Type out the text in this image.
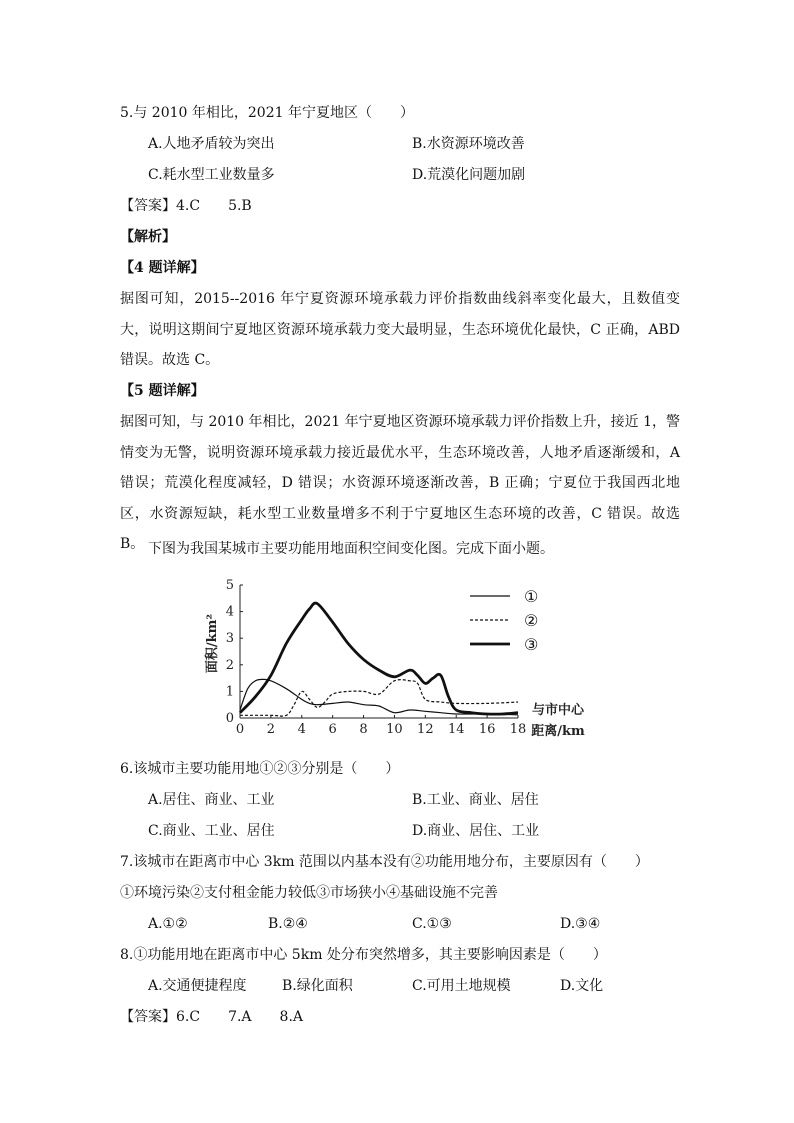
5.与 2010 年相比，2021 年宁夏地区（　　）
A.人地矛盾较为突出	B.水资源环境改善
C.耗水型工业数量多	D.荒漠化问题加剧
【答案】4.C　　5.B
【解析】
【4 题详解】
据图可知，2015--2016 年宁夏资源环境承载力评价指数曲线斜率变化最大，且数值变大，说明这期间宁夏地区资源环境承载力变大最明显，生态环境优化最快，C 正确，ABD 错误。故选 C。
【5 题详解】
据图可知，与 2010 年相比，2021 年宁夏地区资源环境承载力评价指数上升，接近 1，警情变为无警，说明资源环境承载力接近最优水平，生态环境改善，人地矛盾逐渐缓和，A 错误；荒漠化程度减轻，D 错误；水资源环境逐渐改善，B 正确；宁夏位于我国西北地区，水资源短缺，耗水型工业数量增多不利于宁夏地区生态环境的改善，C 错误。故选 B。 下图为我国某城市主要功能用地面积空间变化图。完成下面小题。
0 2 4 6 8 10 12 14 16 18
0
1
2
3
4
5
面积/km²
与市中心
距离/km
①
②
③
6.该城市主要功能用地①②③分别是（　　）
A.居住、商业、工业	B.工业、商业、居住
C.商业、工业、居住	D.商业、居住、工业
7.该城市在距离市中心 3km 范围以内基本没有②功能用地分布，主要原因有（　　）
①环境污染②支付租金能力较低③市场狭小④基础设施不完善
A.①②	B.②④	C.①③	D.③④
8.①功能用地在距离市中心 5km 处分布突然增多，其主要影响因素是（　　）
A.交通便捷程度	B.绿化面积	C.可用土地规模	D.文化
【答案】6.C　　7.A　　8.A
